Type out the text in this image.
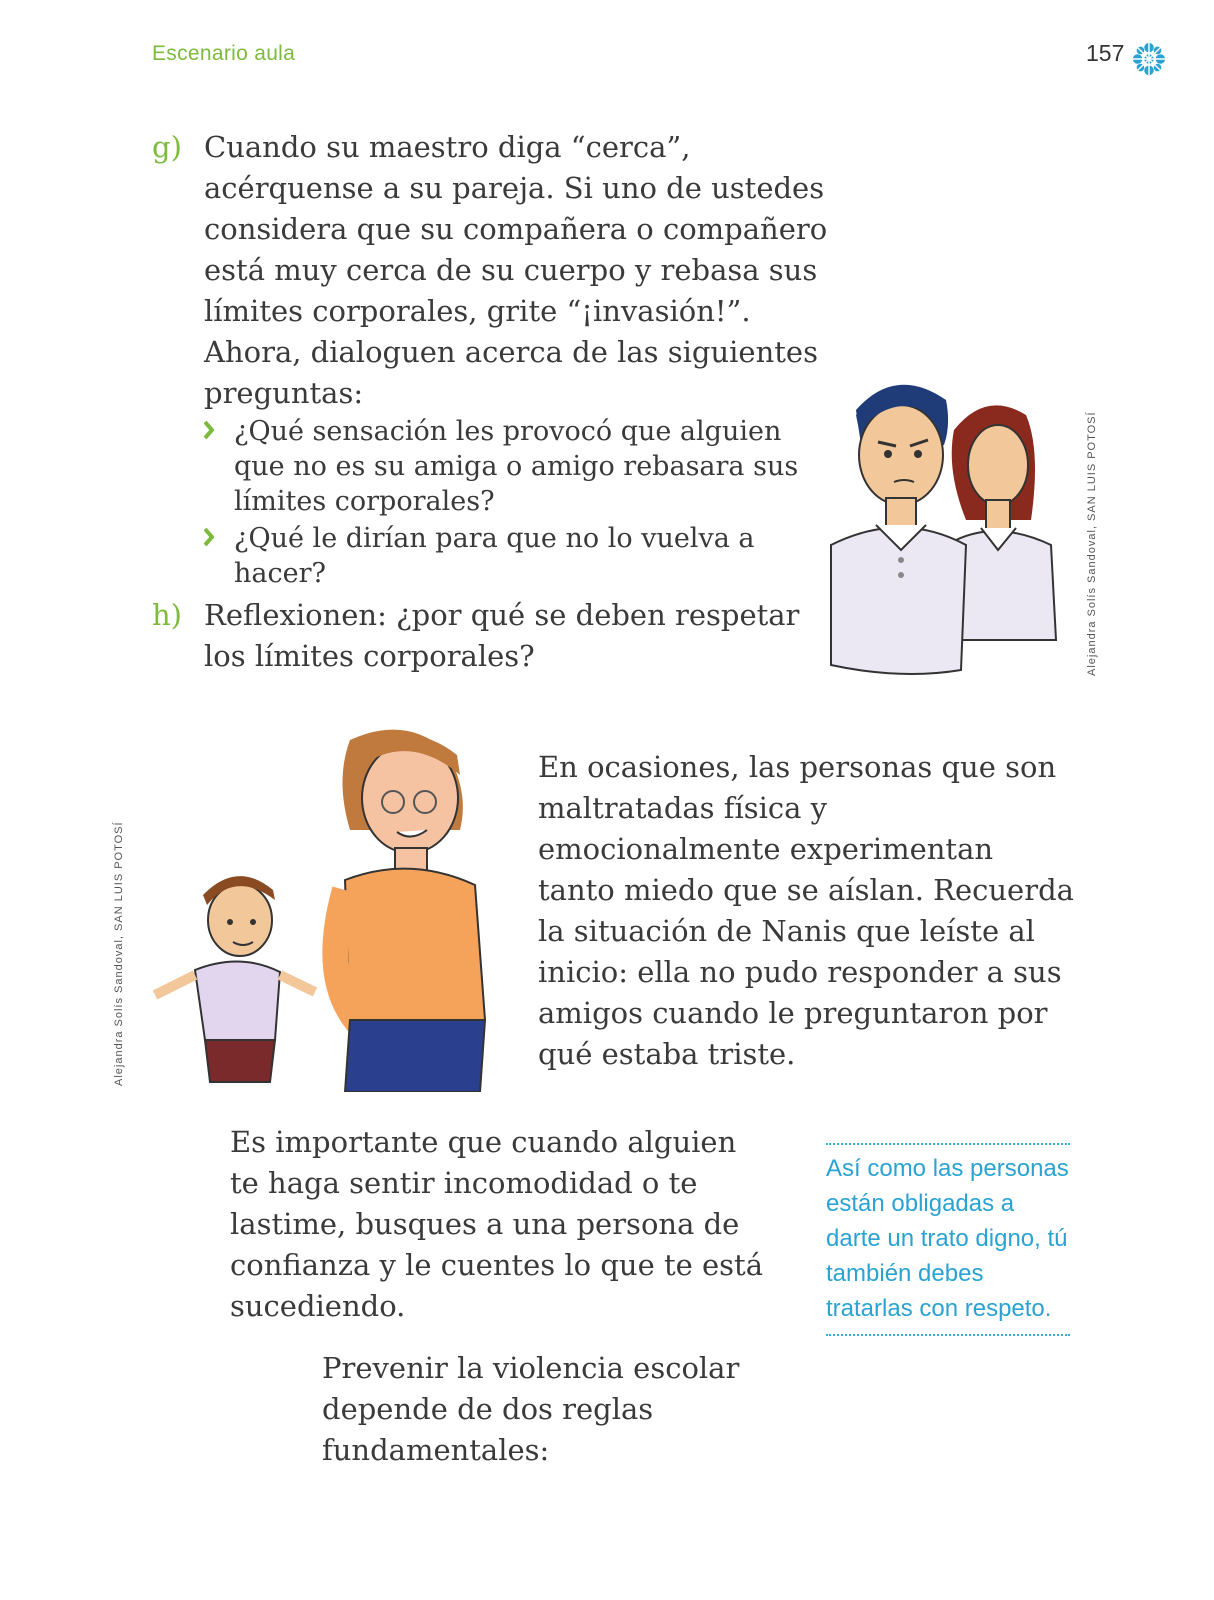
Escenario aula	157
g) Cuando su maestro diga “cerca”, acérquense a su pareja. Si uno de ustedes considera que su compañera o compañero está muy cerca de su cuerpo y rebasa sus límites corporales, grite “¡invasión!”. Ahora, dialoguen acerca de las siguientes preguntas:
¿Qué sensación les provocó que alguien que no es su amiga o amigo rebasara sus límites corporales?
¿Qué le dirían para que no lo vuelva a hacer?
h) Reflexionen: ¿por qué se deben respetar los límites corporales?	Alejandra Solís Sandoval, SAN LUIS POTOSÍ
Alejandra Solís Sandoval, SAN LUIS POTOSÍ
En ocasiones, las personas que son maltratadas física y emocionalmente experimentan tanto miedo que se aíslan. Recuerda la situación de Nanis que leíste al inicio: ella no pudo responder a sus amigos cuando le preguntaron por qué estaba triste.
Es importante que cuando alguien te haga sentir incomodidad o te lastime, busques a una persona de confianza y le cuentes lo que te está sucediendo.
Prevenir la violencia escolar depende de dos reglas fundamentales:
Así como las personas están obligadas a darte un trato digno, tú también debes tratarlas con respeto.
